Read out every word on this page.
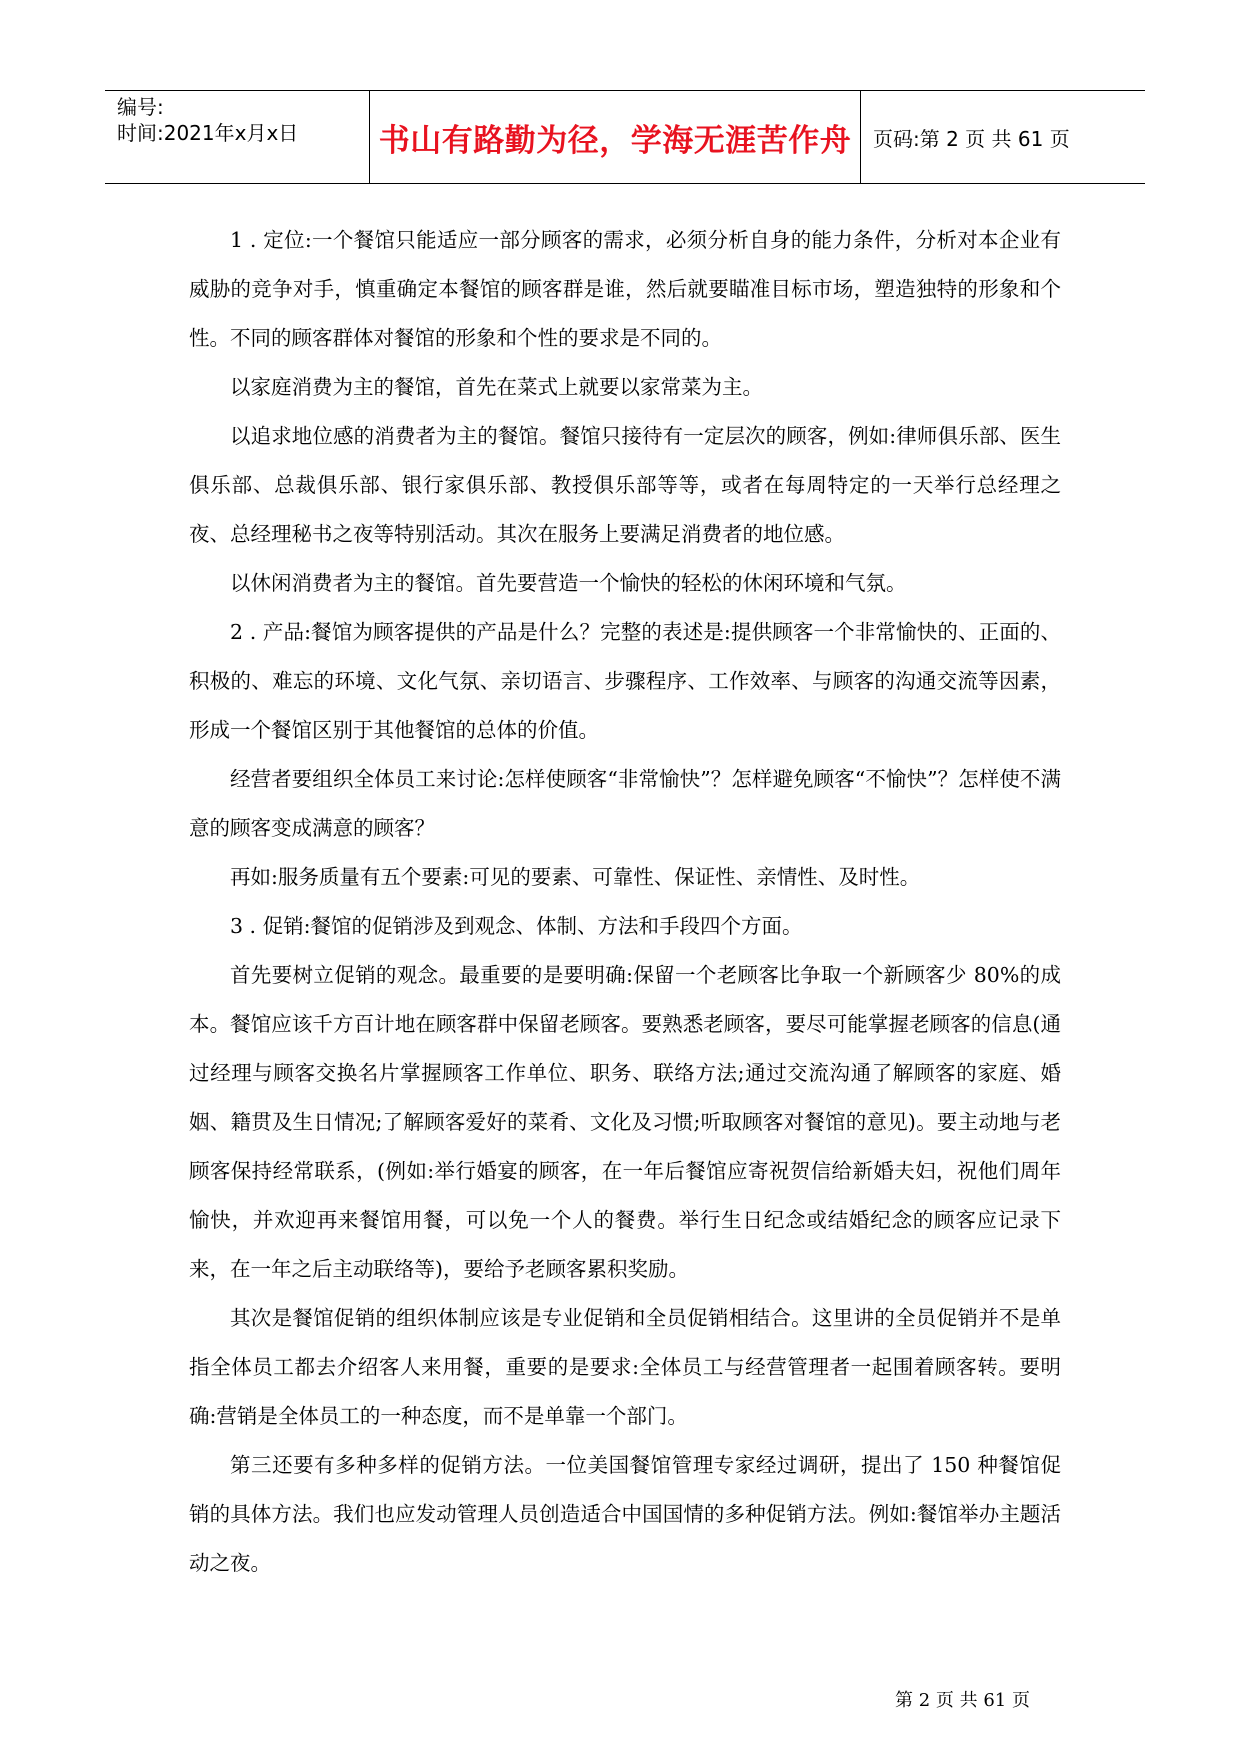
编号:
时间:2021年x月x日	书山有路勤为径，学海无涯苦作舟 页码:第 2 页 共 61 页

1 . 定位:一个餐馆只能适应一部分顾客的需求，必须分析自身的能力条件，分析对本企业有威胁的竞争对手，慎重确定本餐馆的顾客群是谁，然后就要瞄准目标市场，塑造独特的形象和个性。不同的顾客群体对餐馆的形象和个性的要求是不同的。

以家庭消费为主的餐馆，首先在菜式上就要以家常菜为主。

以追求地位感的消费者为主的餐馆。餐馆只接待有一定层次的顾客，例如:律师俱乐部、医生俱乐部、总裁俱乐部、银行家俱乐部、教授俱乐部等等，或者在每周特定的一天举行总经理之夜、总经理秘书之夜等特别活动。其次在服务上要满足消费者的地位感。

以休闲消费者为主的餐馆。首先要营造一个愉快的轻松的休闲环境和气氛。

2 . 产品:餐馆为顾客提供的产品是什么？完整的表述是:提供顾客一个非常愉快的、正面的、积极的、难忘的环境、文化气氛、亲切语言、步骤程序、工作效率、与顾客的沟通交流等因素，形成一个餐馆区别于其他餐馆的总体的价值。

经营者要组织全体员工来讨论:怎样使顾客“非常愉快”？怎样避免顾客“不愉快”？怎样使不满意的顾客变成满意的顾客？

再如:服务质量有五个要素:可见的要素、可靠性、保证性、亲情性、及时性。

3 . 促销:餐馆的促销涉及到观念、体制、方法和手段四个方面。

首先要树立促销的观念。最重要的是要明确:保留一个老顾客比争取一个新顾客少 80%的成本。餐馆应该千方百计地在顾客群中保留老顾客。要熟悉老顾客，要尽可能掌握老顾客的信息(通过经理与顾客交换名片掌握顾客工作单位、职务、联络方法;通过交流沟通了解顾客的家庭、婚姻、籍贯及生日情况;了解顾客爱好的菜肴、文化及习惯;听取顾客对餐馆的意见)。要主动地与老顾客保持经常联系，(例如:举行婚宴的顾客，在一年后餐馆应寄祝贺信给新婚夫妇，祝他们周年愉快，并欢迎再来餐馆用餐，可以免一个人的餐费。举行生日纪念或结婚纪念的顾客应记录下来，在一年之后主动联络等)，要给予老顾客累积奖励。

其次是餐馆促销的组织体制应该是专业促销和全员促销相结合。这里讲的全员促销并不是单指全体员工都去介绍客人来用餐，重要的是要求:全体员工与经营管理者一起围着顾客转。要明确:营销是全体员工的一种态度，而不是单靠一个部门。

第三还要有多种多样的促销方法。一位美国餐馆管理专家经过调研，提出了 150 种餐馆促销的具体方法。我们也应发动管理人员创造适合中国国情的多种促销方法。例如:餐馆举办主题活动之夜。

第 2 页 共 61 页
